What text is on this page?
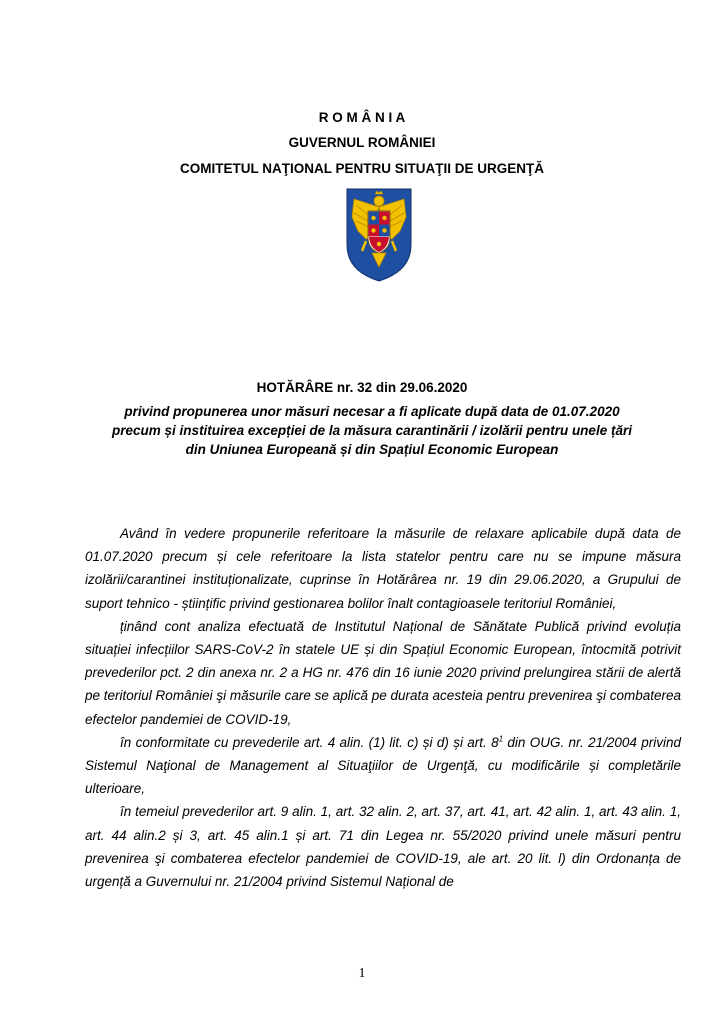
R O M Â N I A
GUVERNUL ROMÂNIEI
COMITETUL NAŢIONAL PENTRU SITUAŢII DE URGENŢĂ
HOTĂRÂRE nr. 32 din 29.06.2020
privind propunerea unor măsuri necesar a fi aplicate după data de 01.07.2020 precum și instituirea excepției de la măsura carantinării / izolării pentru unele țări din Uniunea Europeană și din Spațiul Economic European

Având în vedere propunerile referitoare la măsurile de relaxare aplicabile după data de 01.07.2020 precum și cele referitoare la lista statelor pentru care nu se impune măsura izolării/carantinei instituționalizate, cuprinse în Hotărârea nr. 19 din 29.06.2020, a Grupului de suport tehnico - științific privind gestionarea bolilor înalt contagioasele teritoriul României,

ținând cont analiza efectuată de Institutul Național de Sănătate Publică privind evoluția situației infecțiilor SARS-CoV-2 în statele UE și din Spațiul Economic European, întocmită potrivit prevederilor pct. 2 din anexa nr. 2 a HG nr. 476 din 16 iunie 2020 privind prelungirea stării de alertă pe teritoriul României şi măsurile care se aplică pe durata acesteia pentru prevenirea şi combaterea efectelor pandemiei de COVID-19,

în conformitate cu prevederile art. 4 alin. (1) lit. c) și d) și art. $8^1$ din OUG. nr. 21/2004 privind Sistemul Naţional de Management al Situaţiilor de Urgenţă, cu modificările și completările ulterioare,

în temeiul prevederilor art. 9 alin. 1, art. 32 alin. 2, art. 37, art. 41, art. 42 alin. 1, art. 43 alin. 1, art. 44 alin.2 și 3, art. 45 alin.1 și art. 71 din Legea nr. 55/2020 privind unele măsuri pentru prevenirea şi combaterea efectelor pandemiei de COVID-19, ale art. 20 lit. l) din Ordonanța de urgență a Guvernului nr. 21/2004 privind Sistemul Național de

1
